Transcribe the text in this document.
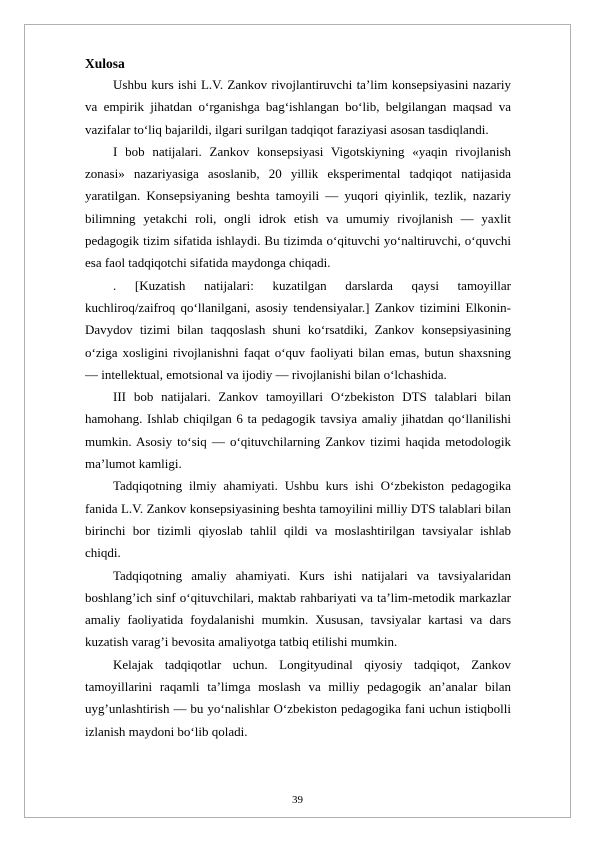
Xulosa

Ushbu kurs ishi L.V. Zankov rivojlantiruvchi ta’lim konsepsiyasini nazariy va empirik jihatdan o‘rganishga bag‘ishlangan bo‘lib, belgilangan maqsad va vazifalar to‘liq bajarildi, ilgari surilgan tadqiqot faraziyasi asosan tasdiqlandi.

I bob natijalari. Zankov konsepsiyasi Vigotskiyning «yaqin rivojlanish zonasi» nazariyasiga asoslanib, 20 yillik eksperimental tadqiqot natijasida yaratilgan. Konsepsiyaning beshta tamoyili — yuqori qiyinlik, tezlik, nazariy bilimning yetakchi roli, ongli idrok etish va umumiy rivojlanish — yaxlit pedagogik tizim sifatida ishlaydi. Bu tizimda o‘qituvchi yo‘naltiruvchi, o‘quvchi esa faol tadqiqotchi sifatida maydonga chiqadi.

. [Kuzatish natijalari: kuzatilgan darslarda qaysi tamoyillar kuchliroq/zaifroq qo‘llanilgani, asosiy tendensiyalar.] Zankov tizimini Elkonin-Davydov tizimi bilan taqqoslash shuni ko‘rsatdiki, Zankov konsepsiyasining o‘ziga xosligini rivojlanishni faqat o‘quv faoliyati bilan emas, butun shaxsning — intellektual, emotsional va ijodiy — rivojlanishi bilan o‘lchashida.

III bob natijalari. Zankov tamoyillari O‘zbekiston DTS talablari bilan hamohang. Ishlab chiqilgan 6 ta pedagogik tavsiya amaliy jihatdan qo‘llanilishi mumkin. Asosiy to‘siq — o‘qituvchilarning Zankov tizimi haqida metodologik ma’lumot kamligi.

Tadqiqotning ilmiy ahamiyati. Ushbu kurs ishi O‘zbekiston pedagogika fanida L.V. Zankov konsepsiyasining beshta tamoyilini milliy DTS talablari bilan birinchi bor tizimli qiyoslab tahlil qildi va moslashtirilgan tavsiyalar ishlab chiqdi.

Tadqiqotning amaliy ahamiyati. Kurs ishi natijalari va tavsiyalaridan boshlang’ich sinf o‘qituvchilari, maktab rahbariyati va ta’lim-metodik markazlar amaliy faoliyatida foydalanishi mumkin. Xususan, tavsiyalar kartasi va dars kuzatish varag’i bevosita amaliyotga tatbiq etilishi mumkin.

Kelajak tadqiqotlar uchun. Longityudinal qiyosiy tadqiqot, Zankov tamoyillarini raqamli ta’limga moslash va milliy pedagogik an’analar bilan uyg’unlashtirish — bu yo‘nalishlar O‘zbekiston pedagogika fani uchun istiqbolli izlanish maydoni bo‘lib qoladi.

39
